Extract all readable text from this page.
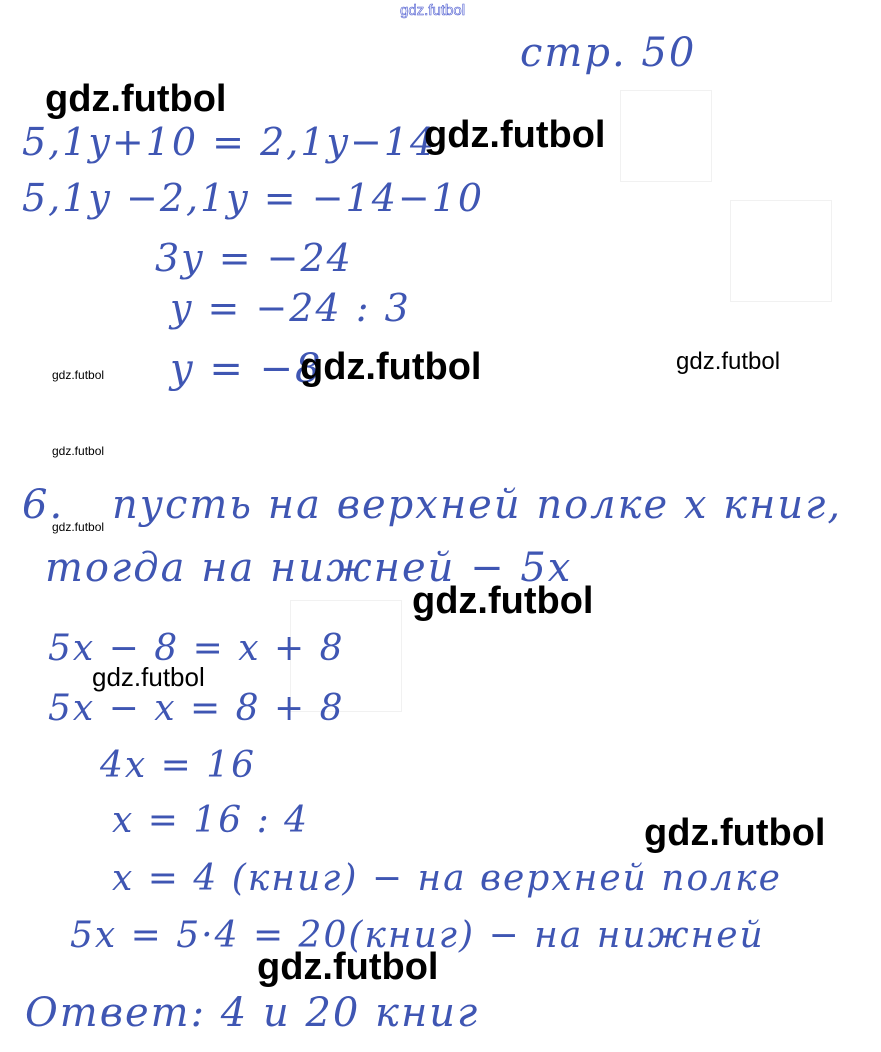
gdz.futbol
стр. 50
5,1y+10 = 2,1y−14
5,1y −2,1y = −14−10
3y = −24
y = −24 : 3
y = −8
6. пусть на верхней полке x книг,
тогда на нижней − 5x
5x − 8 = x + 8
5x − x = 8 + 8
4x = 16
x = 16 : 4
x = 4 (книг) − на верхней полке
5x = 5·4 = 20(книг) − на нижней
Ответ: 4 и 20 книг
gdz.futbol
gdz.futbol
gdz.futbol	gdz.futbol
gdz.futbol
gdz.futbol
gdz.futbol
gdz.futbol
gdz.futbol
gdz.futbol
gdz.futbol
